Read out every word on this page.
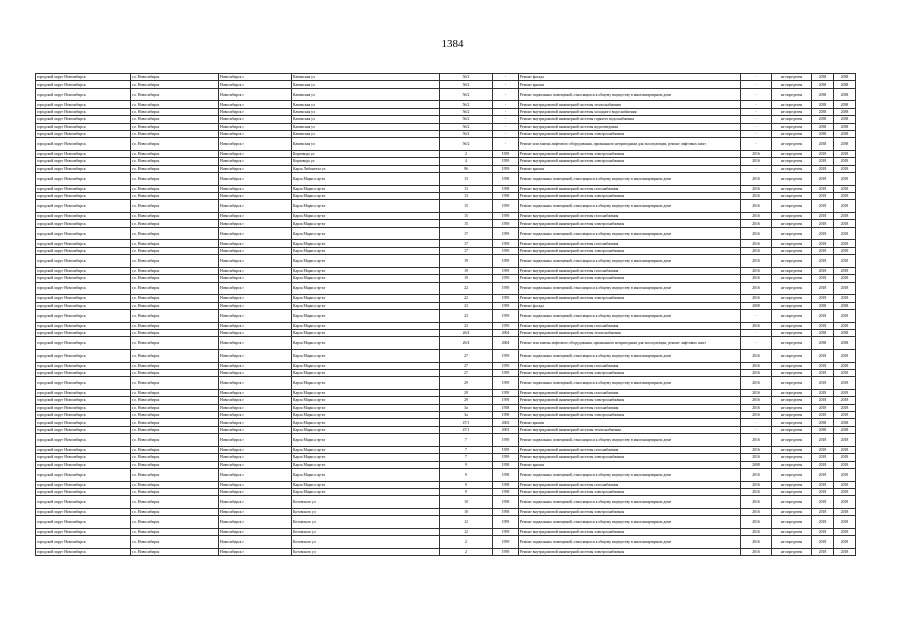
1384
городской округ Новосибирск	г.о. Новосибирск	Новосибирск г	Каменская ул	56/2	-	Ремонт фасада	-	не определен	2038	2038
городской округ Новосибирск	г.о. Новосибирск	Новосибирск г	Каменская ул	56/2	-	Ремонт крыши	-	не определен	2038	2038
городской округ Новосибирск	г.о. Новосибирск	Новосибирск г	Каменская ул	56/2	-	Ремонт подвальных помещений, относящихся к общему имуществу в многоквартирном доме	-	не определен	2038	2038
городской округ Новосибирск	г.о. Новосибирск	Новосибирск г	Каменская ул	56/2	-	Ремонт внутридомовой инженерной системы теплоснабжения	-	не определен	2038	2038
городской округ Новосибирск	г.о. Новосибирск	Новосибирск г	Каменская ул	56/2	-	Ремонт внутридомовой инженерной системы холодного водоснабжения	-	не определен	2038	2038
городской округ Новосибирск	г.о. Новосибирск	Новосибирск г	Каменская ул	56/2	-	Ремонт внутридомовой инженерной системы горячего водоснабжения	-	не определен	2038	2038
городской округ Новосибирск	г.о. Новосибирск	Новосибирск г	Каменская ул	56/2	-	Ремонт внутридомовой инженерной системы водоотведения	-	не определен	2038	2038
городской округ Новосибирск	г.о. Новосибирск	Новосибирск г	Каменская ул	56/2	-	Ремонт внутридомовой инженерной системы электроснабжения	-	не определен	2038	2038
городской округ Новосибирск	г.о. Новосибирск	Новосибирск г	Каменская ул	56/2	-	Ремонт или замена лифтового оборудования, признанного непригодным для эксплуатации, ремонт лифтовых шахт	-	не определен	2038	2038
городской округ Новосибирск	г.о. Новосибирск	Новосибирск г	Кирзавода ул	2	1959	Ремонт внутридомовой инженерной системы электроснабжения	2016	не определен	2018	2018
городской округ Новосибирск	г.о. Новосибирск	Новосибирск г	Кирзавода ул	4	1959	Ремонт внутридомовой инженерной системы электроснабжения	2016	не определен	2018	2018
городской округ Новосибирск	г.о. Новосибирск	Новосибирск г	Карла Либкнехта ул	96	1959	Ремонт крыши	-	не определен	2018	2018
городской округ Новосибирск	г.о. Новосибирск	Новосибирск г	Карла Маркса пр-кт	13	1958	Ремонт подвальных помещений, относящихся к общему имуществу в многоквартирном доме	2016	не определен	2018	2018
городской округ Новосибирск	г.о. Новосибирск	Новосибирск г	Карла Маркса пр-кт	13	1958	Ремонт внутридомовой инженерной системы газоснабжения	2016	не определен	2018	2018
городской округ Новосибирск	г.о. Новосибирск	Новосибирск г	Карла Маркса пр-кт	13	1958	Ремонт внутридомовой инженерной системы электроснабжения	2016	не определен	2018	2018
городской округ Новосибирск	г.о. Новосибирск	Новосибирск г	Карла Маркса пр-кт	15	1959	Ремонт подвальных помещений, относящихся к общему имуществу в многоквартирном доме	2016	не определен	2018	2018
городской округ Новосибирск	г.о. Новосибирск	Новосибирск г	Карла Маркса пр-кт	15	1959	Ремонт внутридомовой инженерной системы газоснабжения	2016	не определен	2018	2018
городской округ Новосибирск	г.о. Новосибирск	Новосибирск г	Карла Маркса пр-кт	15	1959	Ремонт внутридомовой инженерной системы электроснабжения	2016	не определен	2018	2018
городской округ Новосибирск	г.о. Новосибирск	Новосибирск г	Карла Маркса пр-кт	17	1959	Ремонт подвальных помещений, относящихся к общему имуществу в многоквартирном доме	2016	не определен	2018	2018
городской округ Новосибирск	г.о. Новосибирск	Новосибирск г	Карла Маркса пр-кт	17	1959	Ремонт внутридомовой инженерной системы газоснабжения	2016	не определен	2018	2018
городской округ Новосибирск	г.о. Новосибирск	Новосибирск г	Карла Маркса пр-кт	17	1959	Ремонт внутридомовой инженерной системы электроснабжения	2016	не определен	2018	2018
городской округ Новосибирск	г.о. Новосибирск	Новосибирск г	Карла Маркса пр-кт	19	1959	Ремонт подвальных помещений, относящихся к общему имуществу в многоквартирном доме	2016	не определен	2018	2018
городской округ Новосибирск	г.о. Новосибирск	Новосибирск г	Карла Маркса пр-кт	19	1959	Ремонт внутридомовой инженерной системы газоснабжения	2016	не определен	2018	2018
городской округ Новосибирск	г.о. Новосибирск	Новосибирск г	Карла Маркса пр-кт	19	1959	Ремонт внутридомовой инженерной системы электроснабжения	2016	не определен	2018	2018
городской округ Новосибирск	г.о. Новосибирск	Новосибирск г	Карла Маркса пр-кт	22	1959	Ремонт подвальных помещений, относящихся к общему имуществу в многоквартирном доме	2016	не определен	2018	2018
городской округ Новосибирск	г.о. Новосибирск	Новосибирск г	Карла Маркса пр-кт	22	1959	Ремонт внутридомовой инженерной системы электроснабжения	2016	не определен	2018	2018
городской округ Новосибирск	г.о. Новосибирск	Новосибирск г	Карла Маркса пр-кт	23	1959	Ремонт фасада	2008	не определен	2038	2038
городской округ Новосибирск	г.о. Новосибирск	Новосибирск г	Карла Маркса пр-кт	23	1959	Ремонт подвальных помещений, относящихся к общему имуществу в многоквартирном доме	-	не определен	2018	2018
городской округ Новосибирск	г.о. Новосибирск	Новосибирск г	Карла Маркса пр-кт	23	1959	Ремонт внутридомовой инженерной системы газоснабжения	2016	не определен	2018	2018
городской округ Новосибирск	г.о. Новосибирск	Новосибирск г	Карла Маркса пр-кт	26/4	2004	Ремонт внутридомовой инженерной системы теплоснабжения	-	не определен	2038	2038
городской округ Новосибирск	г.о. Новосибирск	Новосибирск г	Карла Маркса пр-кт	26/4	2004	Ремонт или замена лифтового оборудования, признанного непригодным для эксплуатации, ремонт лифтовых шахт	-	не определен	2038	2038
городской округ Новосибирск	г.о. Новосибирск	Новосибирск г	Карла Маркса пр-кт	27	1959	Ремонт подвальных помещений, относящихся к общему имуществу в многоквартирном доме	2016	не определен	2018	2018
городской округ Новосибирск	г.о. Новосибирск	Новосибирск г	Карла Маркса пр-кт	27	1959	Ремонт внутридомовой инженерной системы газоснабжения	2016	не определен	2018	2018
городской округ Новосибирск	г.о. Новосибирск	Новосибирск г	Карла Маркса пр-кт	27	1959	Ремонт внутридомовой инженерной системы электроснабжения	2016	не определен	2018	2018
городской округ Новосибирск	г.о. Новосибирск	Новосибирск г	Карла Маркса пр-кт	29	1959	Ремонт подвальных помещений, относящихся к общему имуществу в многоквартирном доме	2016	не определен	2018	2018
городской округ Новосибирск	г.о. Новосибирск	Новосибирск г	Карла Маркса пр-кт	29	1959	Ремонт внутридомовой инженерной системы газоснабжения	2016	не определен	2018	2018
городской округ Новосибирск	г.о. Новосибирск	Новосибирск г	Карла Маркса пр-кт	29	1959	Ремонт внутридомовой инженерной системы электроснабжения	2016	не определен	2018	2018
городской округ Новосибирск	г.о. Новосибирск	Новосибирск г	Карла Маркса пр-кт	3а	1958	Ремонт внутридомовой инженерной системы газоснабжения	2016	не определен	2018	2018
городской округ Новосибирск	г.о. Новосибирск	Новосибирск г	Карла Маркса пр-кт	3а	1958	Ремонт внутридомовой инженерной системы электроснабжения	2016	не определен	2018	2018
городской округ Новосибирск	г.о. Новосибирск	Новосибирск г	Карла Маркса пр-кт	47/1	2003	Ремонт крыши	-	не определен	2038	2038
городской округ Новосибирск	г.о. Новосибирск	Новосибирск г	Карла Маркса пр-кт	47/1	2003	Ремонт внутридомовой инженерной системы теплоснабжения	-	не определен	2038	2038
городской округ Новосибирск	г.о. Новосибирск	Новосибирск г	Карла Маркса пр-кт	7	1959	Ремонт подвальных помещений, относящихся к общему имуществу в многоквартирном доме	2016	не определен	2018	2018
городской округ Новосибирск	г.о. Новосибирск	Новосибирск г	Карла Маркса пр-кт	7	1959	Ремонт внутридомовой инженерной системы газоснабжения	2016	не определен	2018	2018
городской округ Новосибирск	г.о. Новосибирск	Новосибирск г	Карла Маркса пр-кт	7	1959	Ремонт внутридомовой инженерной системы электроснабжения	2016	не определен	2018	2018
городской округ Новосибирск	г.о. Новосибирск	Новосибирск г	Карла Маркса пр-кт	9	1958	Ремонт крыши	2008	не определен	2018	2018
городской округ Новосибирск	г.о. Новосибирск	Новосибирск г	Карла Маркса пр-кт	9	1958	Ремонт подвальных помещений, относящихся к общему имуществу в многоквартирном доме	2016	не определен	2018	2018
городской округ Новосибирск	г.о. Новосибирск	Новосибирск г	Карла Маркса пр-кт	9	1958	Ремонт внутридомовой инженерной системы газоснабжения	2016	не определен	2018	2018
городской округ Новосибирск	г.о. Новосибирск	Новосибирск г	Карла Маркса пр-кт	9	1958	Ремонт внутридомовой инженерной системы электроснабжения	2016	не определен	2018	2018
городской округ Новосибирск	г.о. Новосибирск	Новосибирск г	Котовского ул	10	1958	Ремонт подвальных помещений, относящихся к общему имуществу в многоквартирном доме	2016	не определен	2018	2018
городской округ Новосибирск	г.о. Новосибирск	Новосибирск г	Котовского ул	10	1958	Ремонт внутридомовой инженерной системы электроснабжения	2016	не определен	2018	2018
городской округ Новосибирск	г.о. Новосибирск	Новосибирск г	Котовского ул	12	1959	Ремонт подвальных помещений, относящихся к общему имуществу в многоквартирном доме	2016	не определен	2018	2018
городской округ Новосибирск	г.о. Новосибирск	Новосибирск г	Котовского ул	12	1959	Ремонт внутридомовой инженерной системы электроснабжения	2016	не определен	2018	2018
городской округ Новосибирск	г.о. Новосибирск	Новосибирск г	Котовского ул	2	1959	Ремонт подвальных помещений, относящихся к общему имуществу в многоквартирном доме	2016	не определен	2018	2018
городской округ Новосибирск	г.о. Новосибирск	Новосибирск г	Котовского ул	2	1959	Ремонт внутридомовой инженерной системы электроснабжения	2016	не определен	2018	2018
